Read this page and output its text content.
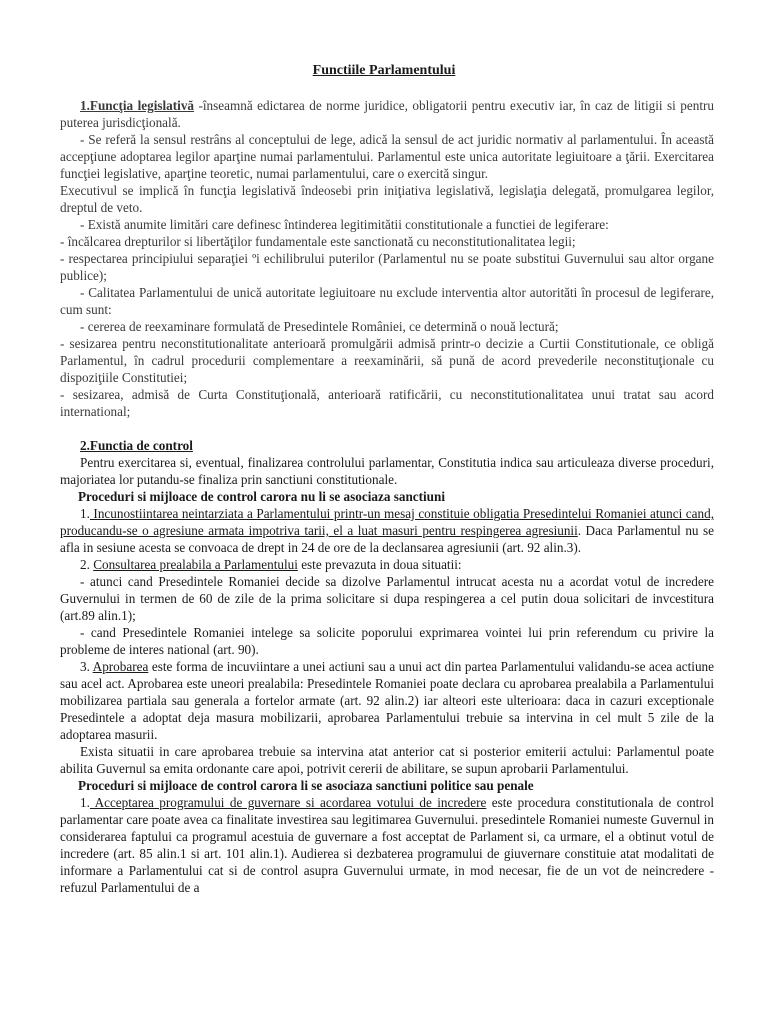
Functiile Parlamentului

1.Funcţia legislativă -înseamnă edictarea de norme juridice, obligatorii pentru executiv iar, în caz de litigii si pentru puterea jurisdicţională.

- Se referă la sensul restrâns al conceptului de lege, adică la sensul de act juridic normativ al parlamentului. În această accepţiune adoptarea legilor aparţine numai parlamentului. Parlamentul este unica autoritate legiuitoare a ţării. Exercitarea funcţiei legislative, aparţine teoretic, numai parlamentului, care o exercită singur.

Executivul se implică în funcţia legislativă îndeosebi prin iniţiativa legislativă, legislaţia delegată, promulgarea legilor, dreptul de veto.

- Există anumite limitări care definesc întinderea legitimitătii constitutionale a functiei de legiferare:

- încălcarea drepturilor si libertăţilor fundamentale este sanctionată cu neconstitutionalitatea legii;

- respectarea principiului separaţiei ºi echilibrului puterilor (Parlamentul nu se poate substitui Guvernului sau altor organe publice);

- Calitatea Parlamentului de unică autoritate legiuitoare nu exclude interventia altor autorităti în procesul de legiferare, cum sunt:

- cererea de reexaminare formulată de Presedintele României, ce determină o nouă lectură;

- sesizarea pentru neconstitutionalitate anterioară promulgării admisă printr-o decizie a Curtii Constitutionale, ce obligă Parlamentul, în cadrul procedurii complementare a reexaminării, să pună de acord prevederile neconstituţionale cu dispoziţiile Constitutiei;

- sesizarea, admisă de Curta Constituţională, anterioară ratificării, cu neconstitutionalitatea unui tratat sau acord international;

2.Functia de control

Pentru exercitarea si, eventual, finalizarea controlului parlamentar, Constitutia indica sau articuleaza diverse proceduri, majoriatea lor putandu-se finaliza prin sanctiuni constitutionale.

Proceduri si mijloace de control carora nu li se asociaza sanctiuni

1. Incunostiintarea neintarziata a Parlamentului printr-un mesaj constituie obligatia Presedintelui Romaniei atunci cand, producandu-se o agresiune armata impotriva tarii, el a luat masuri pentru respingerea agresiunii. Daca Parlamentul nu se afla in sesiune acesta se convoaca de drept in 24 de ore de la declansarea agresiunii (art. 92 alin.3).

2. Consultarea prealabila a Parlamentului este prevazuta in doua situatii:

- atunci cand Presedintele Romaniei decide sa dizolve Parlamentul intrucat acesta nu a acordat votul de incredere Guvernului in termen de 60 de zile de la prima solicitare si dupa respingerea a cel putin doua solicitari de invcestitura (art.89 alin.1);

- cand Presedintele Romaniei intelege sa solicite poporului exprimarea vointei lui prin referendum cu privire la probleme de interes national (art. 90).

3. Aprobarea este forma de incuviintare a unei actiuni sau a unui act din partea Parlamentului validandu-se acea actiune sau acel act. Aprobarea este uneori prealabila: Presedintele Romaniei poate declara cu aprobarea prealabila a Parlamentului mobilizarea partiala sau generala a fortelor armate (art. 92 alin.2) iar alteori este ulterioara: daca in cazuri exceptionale Presedintele a adoptat deja masura mobilizarii, aprobarea Parlamentului trebuie sa intervina in cel mult 5 zile de la adoptarea masurii.

Exista situatii in care aprobarea trebuie sa intervina atat anterior cat si posterior emiterii actului: Parlamentul poate abilita Guvernul sa emita ordonante care apoi, potrivit cererii de abilitare, se supun aprobarii Parlamentului.

Proceduri si mijloace de control carora li se asociaza sanctiuni politice sau penale

1. Acceptarea programului de guvernare si acordarea votului de incredere este procedura constitutionala de control parlamentar care poate avea ca finalitate investirea sau legitimarea Guvernului. presedintele Romaniei numeste Guvernul in considerarea faptului ca programul acestuia de guvernare a fost acceptat de Parlament si, ca urmare, el a obtinut votul de incredere (art. 85 alin.1 si art. 101 alin.1). Audierea si dezbaterea programului de giuvernare constituie atat modalitati de informare a Parlamentului cat si de control asupra Guvernului urmate, in mod necesar, fie de un vot de neincredere - refuzul Parlamentului de a
